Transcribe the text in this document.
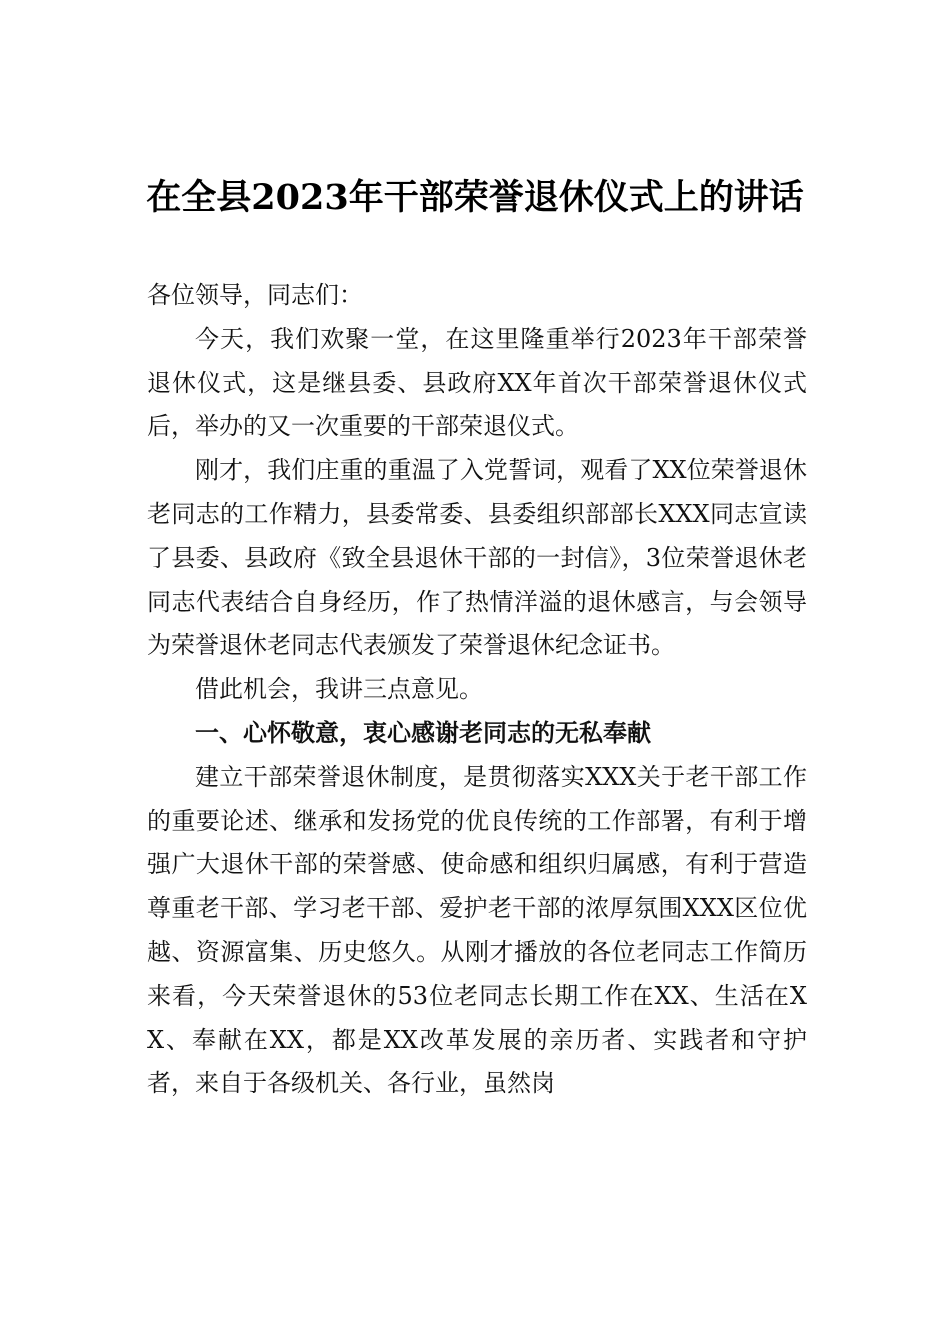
在全县2023年干部荣誉退休仪式上的讲话

各位领导，同志们：

今天，我们欢聚一堂，在这里隆重举行2023年干部荣誉退休仪式，这是继县委、县政府XX年首次干部荣誉退休仪式后，举办的又一次重要的干部荣退仪式。

刚才，我们庄重的重温了入党誓词，观看了XX位荣誉退休老同志的工作精力，县委常委、县委组织部部长XXX同志宣读了县委、县政府《致全县退休干部的一封信》，3位荣誉退休老同志代表结合自身经历，作了热情洋溢的退休感言，与会领导为荣誉退休老同志代表颁发了荣誉退休纪念证书。

借此机会，我讲三点意见。

一、心怀敬意，衷心感谢老同志的无私奉献

建立干部荣誉退休制度，是贯彻落实XXX关于老干部工作的重要论述、继承和发扬党的优良传统的工作部署，有利于增强广大退休干部的荣誉感、使命感和组织归属感，有利于营造尊重老干部、学习老干部、爱护老干部的浓厚氛围XXX区位优越、资源富集、历史悠久。从刚才播放的各位老同志工作简历来看，今天荣誉退休的53位老同志长期工作在XX、生活在XX、奉献在XX，都是XX改革发展的亲历者、实践者和守护者，来自于各级机关、各行业，虽然岗
